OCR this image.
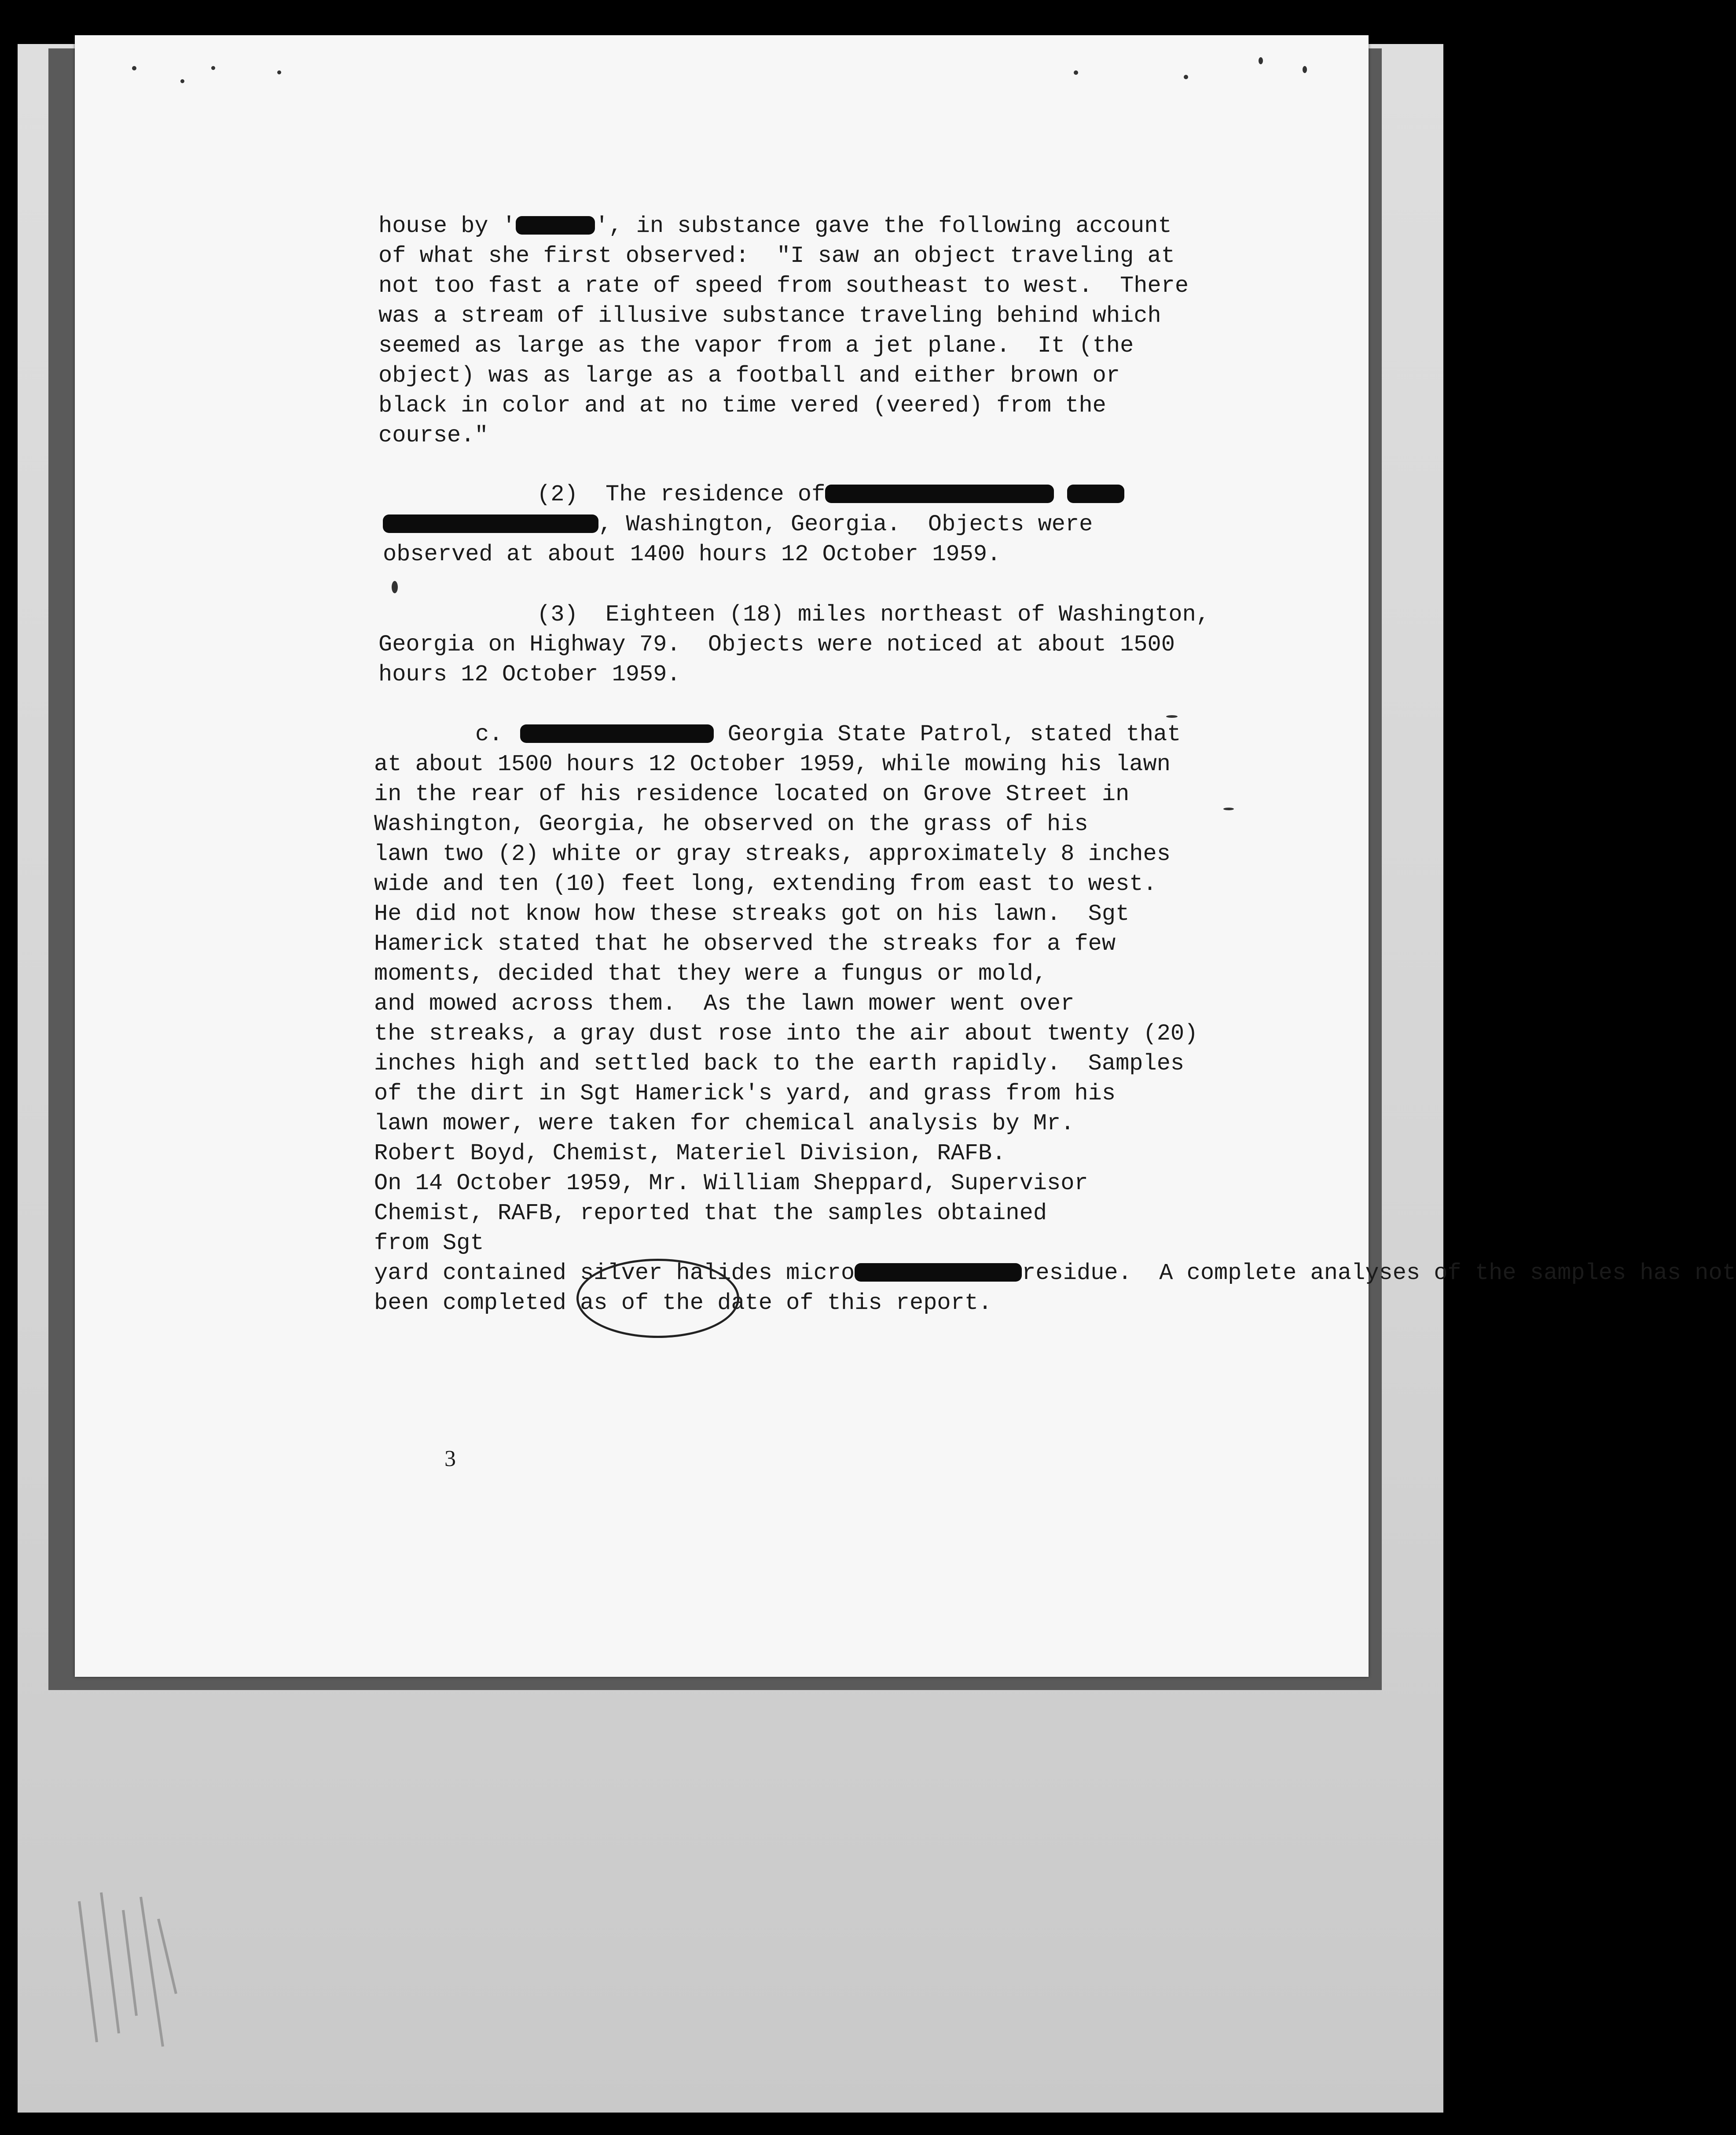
house by '	', in substance gave the following account
of what she first observed:  "I saw an object traveling at
not too fast a rate of speed from southeast to west.  There
was a stream of illusive substance traveling behind which
seemed as large as the vapor from a jet plane.  It (the
object) was as large as a football and either brown or
black in color and at no time vered (veered) from the
course."
(2)  The residence of
, Washington, Georgia.  Objects were
observed at about 1400 hours 12 October 1959.
(3)  Eighteen (18) miles northeast of Washington,
Georgia on Highway 79.  Objects were noticed at about 1500
hours 12 October 1959.
c.	Georgia State Patrol, stated that
at about 1500 hours 12 October 1959, while mowing his lawn
in the rear of his residence located on Grove Street in
Washington, Georgia, he observed on the grass of his
lawn two (2) white or gray streaks, approximately 8 inches
wide and ten (10) feet long, extending from east to west.
He did not know how these streaks got on his lawn.  Sgt
Hamerick stated that he observed the streaks for a few
moments, decided that they were a fungus or mold,
and mowed across them.  As the lawn mower went over
the streaks, a gray dust rose into the air about twenty (20)
inches high and settled back to the earth rapidly.  Samples
of the dirt in Sgt Hamerick's yard, and grass from his
lawn mower, were taken for chemical analysis by Mr.
Robert Boyd, Chemist, Materiel Division, RAFB.
On 14 October 1959, Mr. William Sheppard, Supervisor
Chemist, RAFB, reported that the samples obtained
from Sgt
yard contained silver halides micro	residue.  A complete analyses of the samples has not
been completed as of the date of this report.
3
